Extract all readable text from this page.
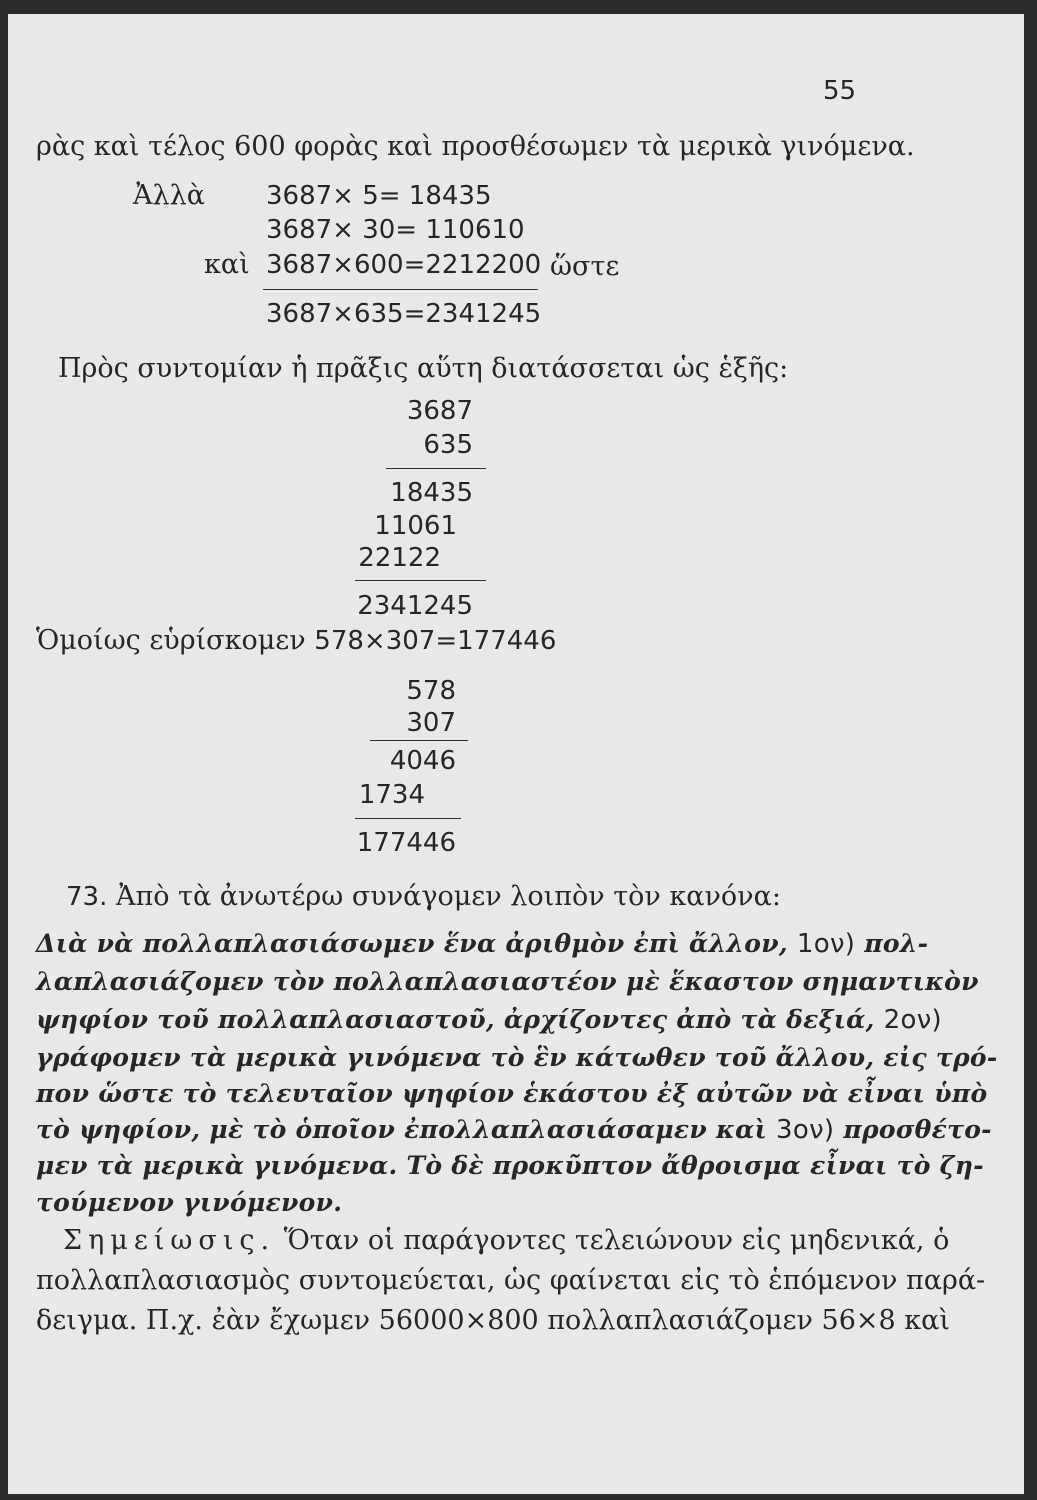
55
ρὰς καὶ τέλος 600 φορὰς καὶ προσθέσωμεν τὰ μερικὰ γινόμενα.
Ἀλλὰ 3687× 5= 18435
3687× 30= 110610
καὶ 3687×600=2212200 ὥστε
3687×635=2341245
Πρὸς συντομίαν ἡ πρᾶξις αὕτη διατάσσεται ὡς ἑξῆς:
3687
635
18435
11061
22122
2341245
Ὁμοίως εὑρίσκομεν 578×307=177446
578
307
4046
1734
177446
73. Ἀπὸ τὰ ἀνωτέρω συνάγομεν λοιπὸν τὸν κανόνα:
Διὰ νὰ πολλαπλασιάσωμεν ἕνα ἀριθμὸν ἐπὶ ἄλλον, 1ον) πολ-
λαπλασιάζομεν τὸν πολλαπλασιαστέον μὲ ἕκαστον σημαντικὸν
ψηφίον τοῦ πολλαπλασιαστοῦ, ἀρχίζοντες ἀπὸ τὰ δεξιά, 2ον)
γράφομεν τὰ μερικὰ γινόμενα τὸ ἓν κάτωθεν τοῦ ἄλλου, εἰς τρό-
πον ὥστε τὸ τελευταῖον ψηφίον ἑκάστου ἐξ αὐτῶν νὰ εἶναι ὑπὸ
τὸ ψηφίον, μὲ τὸ ὁποῖον ἐπολλαπλασιάσαμεν καὶ 3ον) προσθέτο-
μεν τὰ μερικὰ γινόμενα. Τὸ δὲ προκῦπτον ἄθροισμα εἶναι τὸ ζη-
τούμενον γινόμενον.
Σημείωσις. Ὅταν οἱ παράγοντες τελειώνουν εἰς μηδενικά, ὁ
πολλαπλασιασμὸς συντομεύεται, ὡς φαίνεται εἰς τὸ ἑπόμενον παρά-
δειγμα. Π.χ. ἐὰν ἔχωμεν 56000×800 πολλαπλασιάζομεν 56×8 καὶ
